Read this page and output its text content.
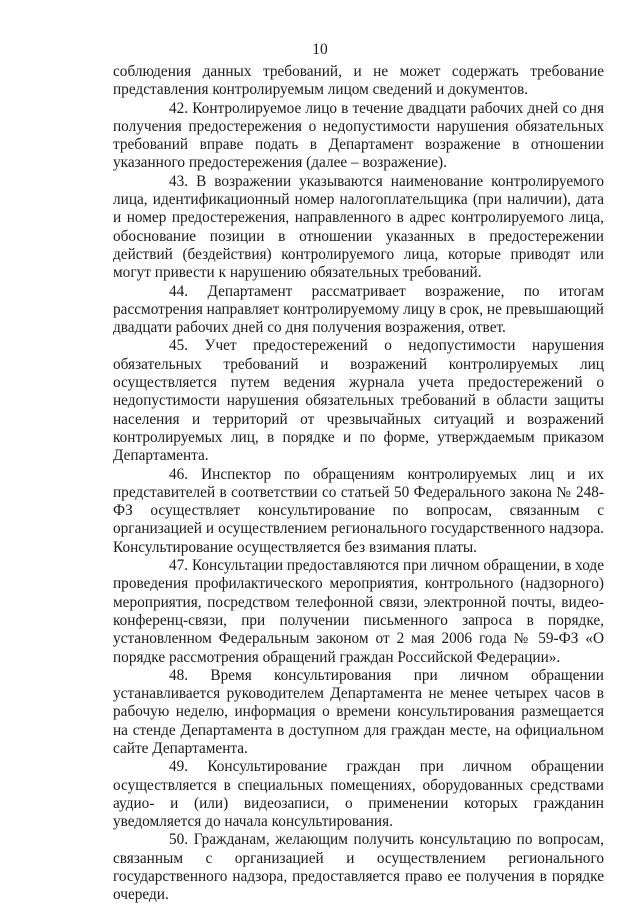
10

соблюдения данных требований, и не может содержать требование представления контролируемым лицом сведений и документов.

42. Контролируемое лицо в течение двадцати рабочих дней со дня получения предостережения о недопустимости нарушения обязательных требований вправе подать в Департамент возражение в отношении указанного предостережения (далее – возражение).

43. В возражении указываются наименование контролируемого лица, идентификационный номер налогоплательщика (при наличии), дата и номер предостережения, направленного в адрес контролируемого лица, обоснование позиции в отношении указанных в предостережении действий (бездействия) контролируемого лица, которые приводят или могут привести к нарушению обязательных требований.

44. Департамент рассматривает возражение, по итогам рассмотрения направляет контролируемому лицу в срок, не превышающий двадцати рабочих дней со дня получения возражения, ответ.

45. Учет предостережений о недопустимости нарушения обязательных требований и возражений контролируемых лиц осуществляется путем ведения журнала учета предостережений о недопустимости нарушения обязательных требований в области защиты населения и территорий от чрезвычайных ситуаций и возражений контролируемых лиц, в порядке и по форме, утверждаемым приказом Департамента.

46. Инспектор по обращениям контролируемых лиц и их представителей в соответствии со статьей 50 Федерального закона № 248-ФЗ осуществляет консультирование по вопросам, связанным с организацией и осуществлением регионального государственного надзора. Консультирование осуществляется без взимания платы.

47. Консультации предоставляются при личном обращении, в ходе проведения профилактического мероприятия, контрольного (надзорного) мероприятия, посредством телефонной связи, электронной почты, видео-конференц-связи, при получении письменного запроса в порядке, установленном Федеральным законом от 2 мая 2006 года № 59-ФЗ «О порядке рассмотрения обращений граждан Российской Федерации».

48. Время консультирования при личном обращении устанавливается руководителем Департамента не менее четырех часов в рабочую неделю, информация о времени консультирования размещается на стенде Департамента в доступном для граждан месте, на официальном сайте Департамента.

49. Консультирование граждан при личном обращении осуществляется в специальных помещениях, оборудованных средствами аудио- и (или) видеозаписи, о применении которых гражданин уведомляется до начала консультирования.

50. Гражданам, желающим получить консультацию по вопросам, связанным с организацией и осуществлением регионального государственного надзора, предоставляется право ее получения в порядке очереди.
